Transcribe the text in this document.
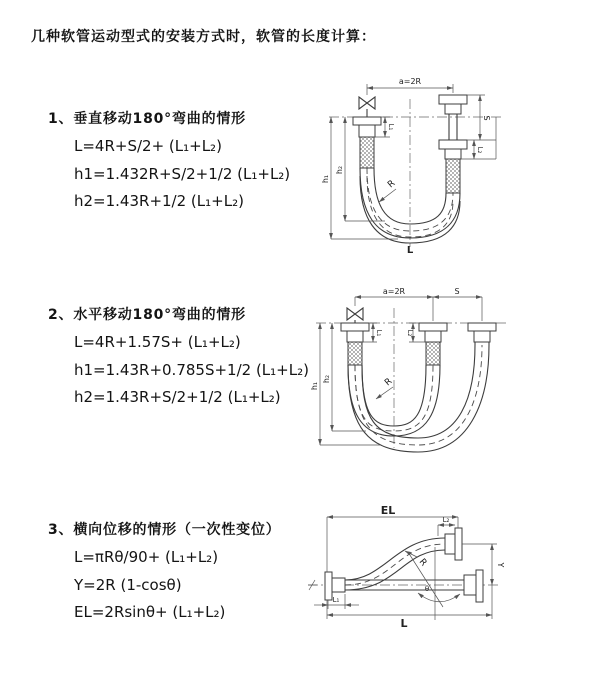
几种软管运动型式的安装方式时，软管的长度计算：
1、垂直移动180°弯曲的情形
L=4R+S/2+ (L₁+L₂)
h1=1.432R+S/2+1/2 (L₁+L₂)
h2=1.43R+1/2 (L₁+L₂)
2、水平移动180°弯曲的情形
L=4R+1.57S+ (L₁+L₂)
h1=1.43R+0.785S+1/2 (L₁+L₂)
h2=1.43R+S/2+1/2 (L₁+L₂)
3、横向位移的情形（一次性变位）
L=πRθ/90+ (L₁+L₂)
Y=2R (1-cosθ)
EL=2Rsinθ+ (L₁+L₂)
a=2R
S
L₁
L₂
h₁
h₂
R
L
a=2R	S
h₁
h₂
L₁	L₂
R
EL
L₂
Y
R
θ
L
L₁
